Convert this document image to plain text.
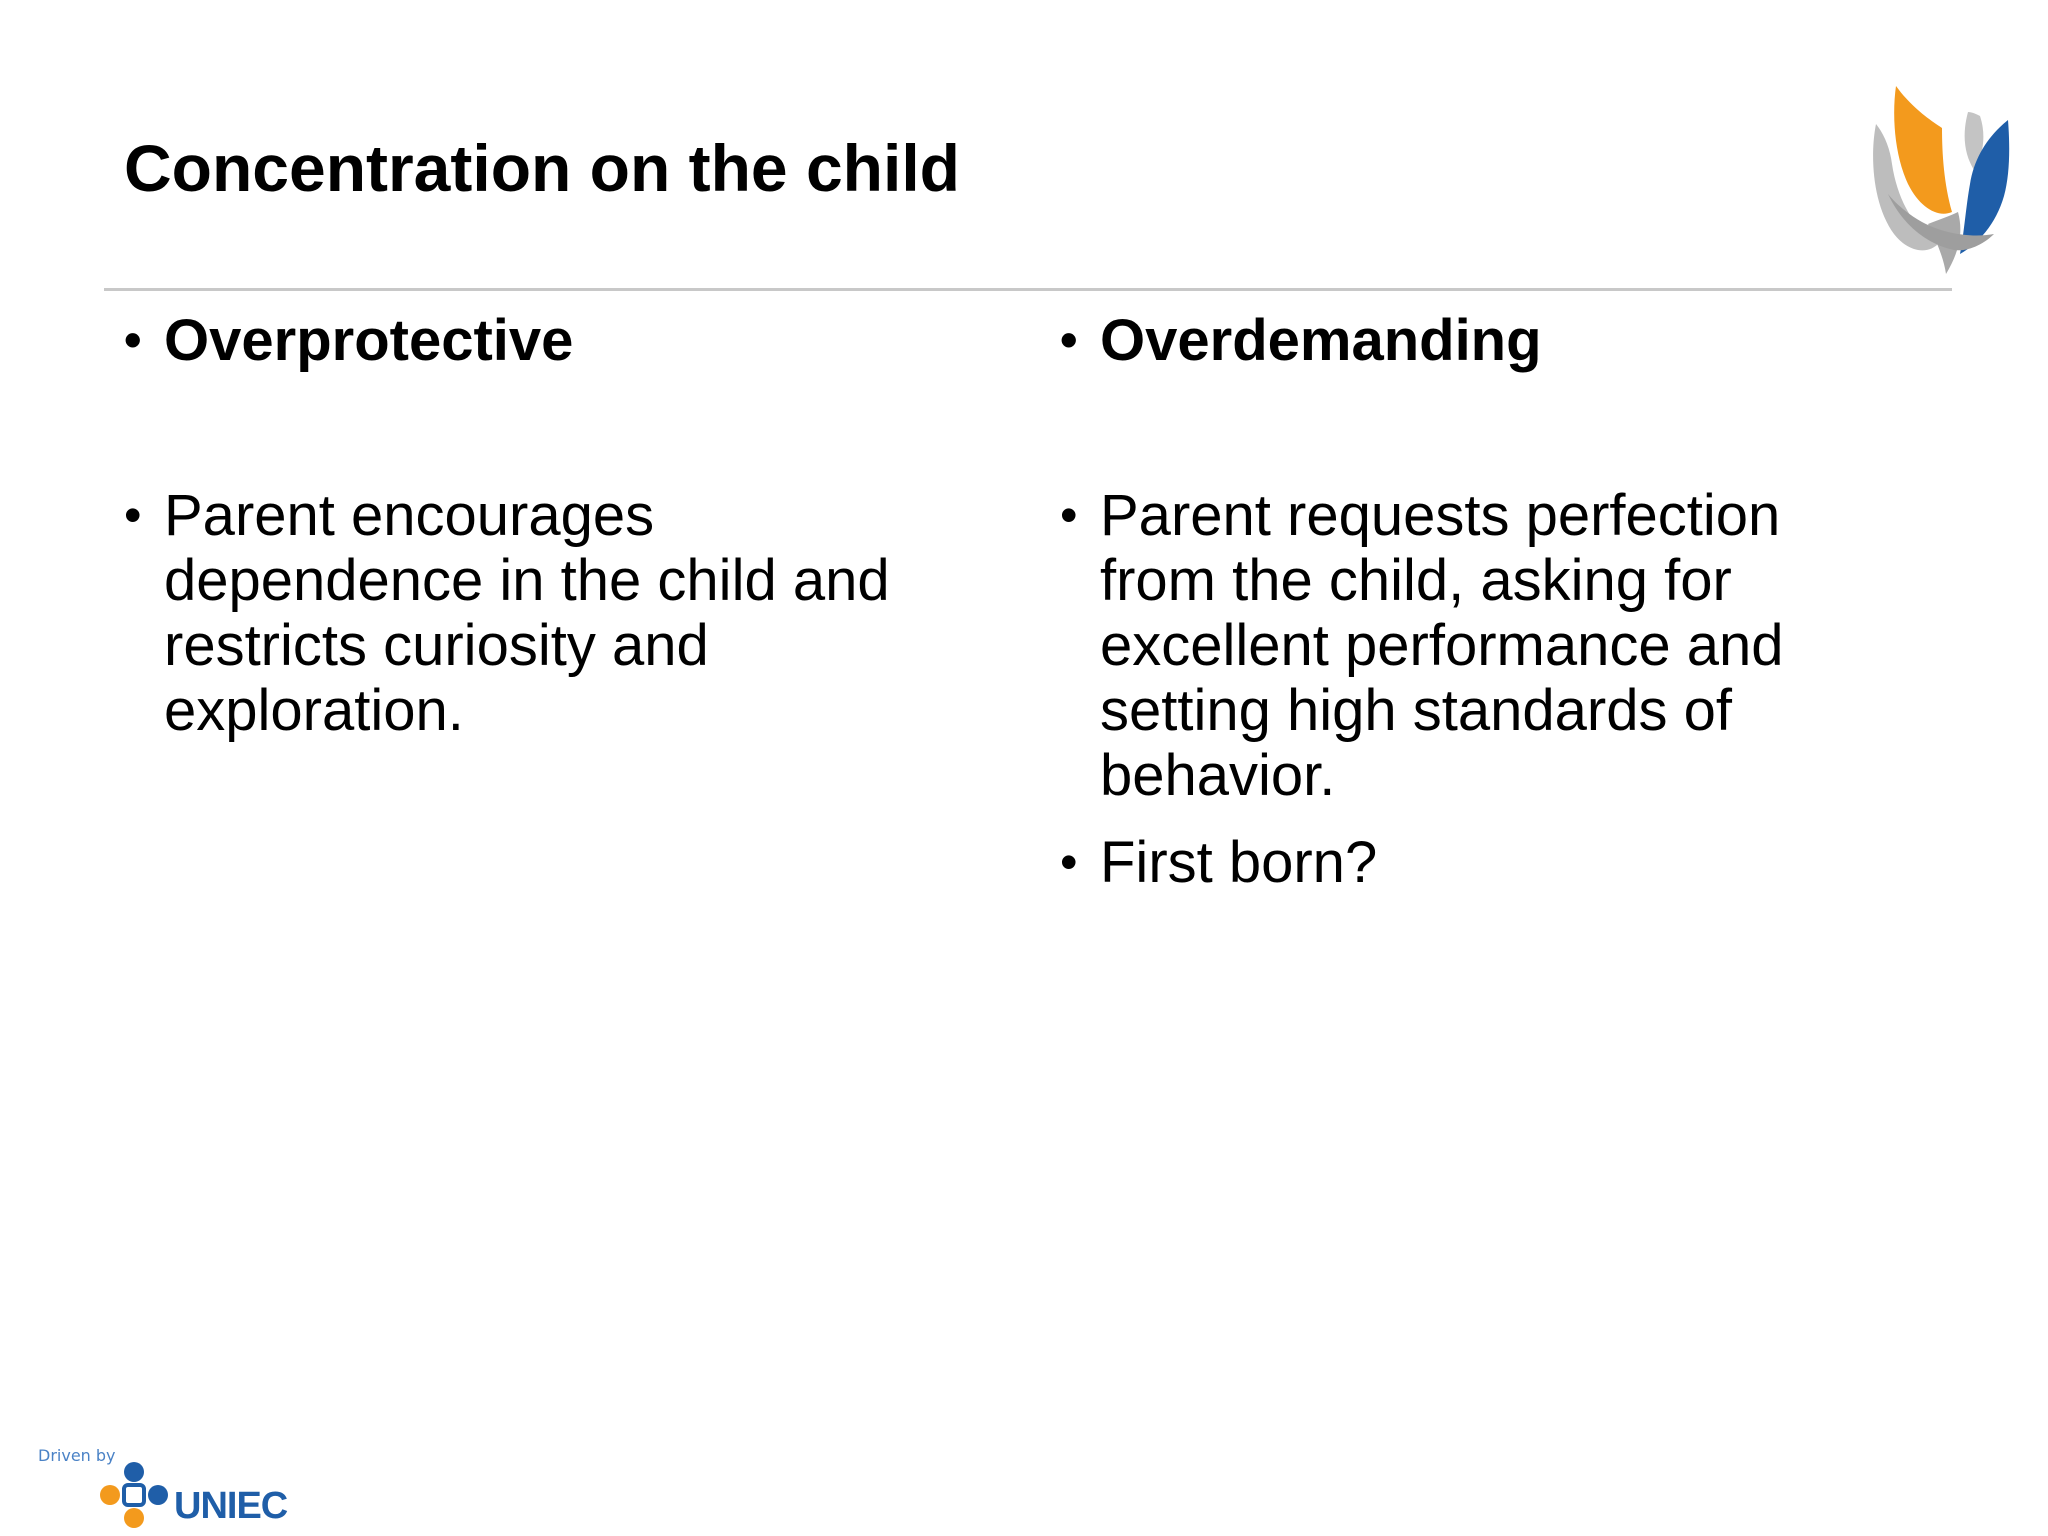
Concentration on the child
• Overprotective
• Parent encourages dependence in the child and restricts curiosity and exploration.
• Overdemanding
• Parent requests perfection from the child, asking for excellent performance and setting high standards of behavior.
• First born?
Driven by
UNIEC
